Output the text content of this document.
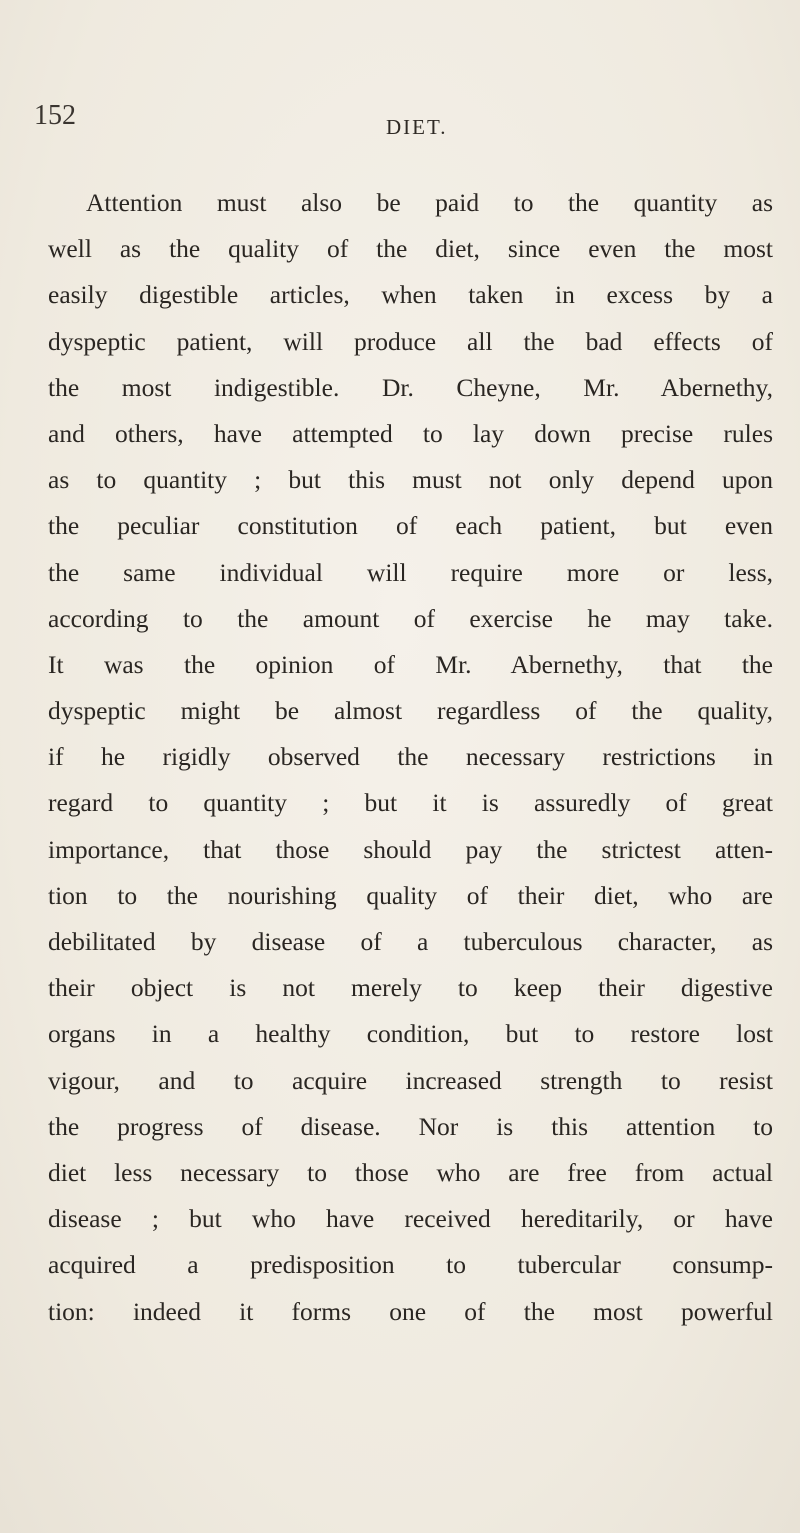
152	DIET.
Attention must also be paid to the quantity as
well as the quality of the diet, since even the most
easily digestible articles, when taken in excess by a
dyspeptic patient, will produce all the bad effects of
the most indigestible. Dr. Cheyne, Mr. Abernethy,
and others, have attempted to lay down precise rules
as to quantity ; but this must not only depend upon
the peculiar constitution of each patient, but even
the same individual will require more or less,
according to the amount of exercise he may take.
It was the opinion of Mr. Abernethy, that the
dyspeptic might be almost regardless of the quality,
if he rigidly observed the necessary restrictions in
regard to quantity ; but it is assuredly of great
importance, that those should pay the strictest atten-
tion to the nourishing quality of their diet, who are
debilitated by disease of a tuberculous character, as
their object is not merely to keep their digestive
organs in a healthy condition, but to restore lost
vigour, and to acquire increased strength to resist
the progress of disease. Nor is this attention to
diet less necessary to those who are free from actual
disease ; but who have received hereditarily, or have
acquired a predisposition to tubercular consump-
tion: indeed it forms one of the most powerful
